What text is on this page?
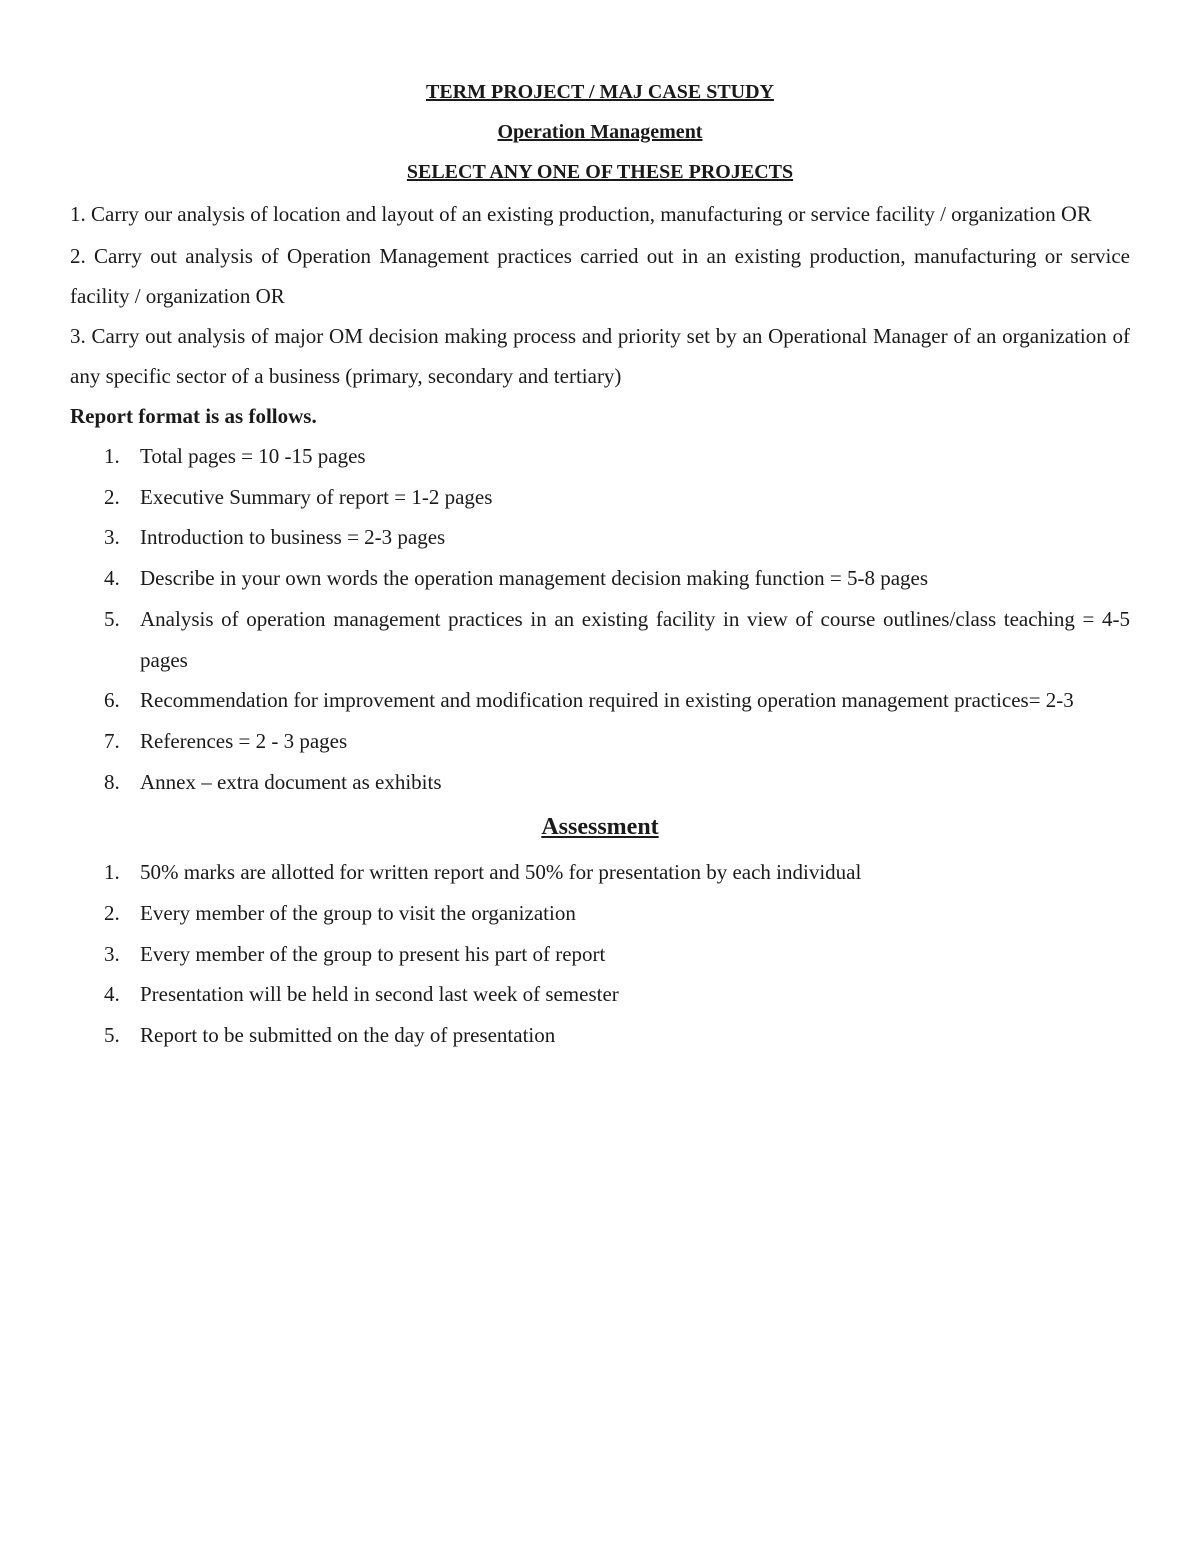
TERM PROJECT / MAJ CASE STUDY

Operation Management

SELECT ANY ONE OF THESE PROJECTS

1. Carry our analysis of location and layout of an existing production, manufacturing or service facility / organization OR

2. Carry out analysis of Operation Management practices carried out in an existing production, manufacturing or service facility / organization OR

3. Carry out analysis of major OM decision making process and priority set by an Operational Manager of an organization of any specific sector of a business (primary, secondary and tertiary)

Report format is as follows.

1. Total pages = 10 -15 pages
2. Executive Summary of report = 1-2 pages
3. Introduction to business = 2-3 pages
4. Describe in your own words the operation management decision making function = 5-8 pages
5. Analysis of operation management practices in an existing facility in view of course outlines/class teaching = 4-5 pages
6. Recommendation for improvement and modification required in existing operation management practices= 2-3
7. References = 2 - 3 pages
8. Annex – extra document as exhibits

Assessment

1. 50% marks are allotted for written report and 50% for presentation by each individual
2. Every member of the group to visit the organization
3. Every member of the group to present his part of report
4. Presentation will be held in second last week of semester
5. Report to be submitted on the day of presentation
